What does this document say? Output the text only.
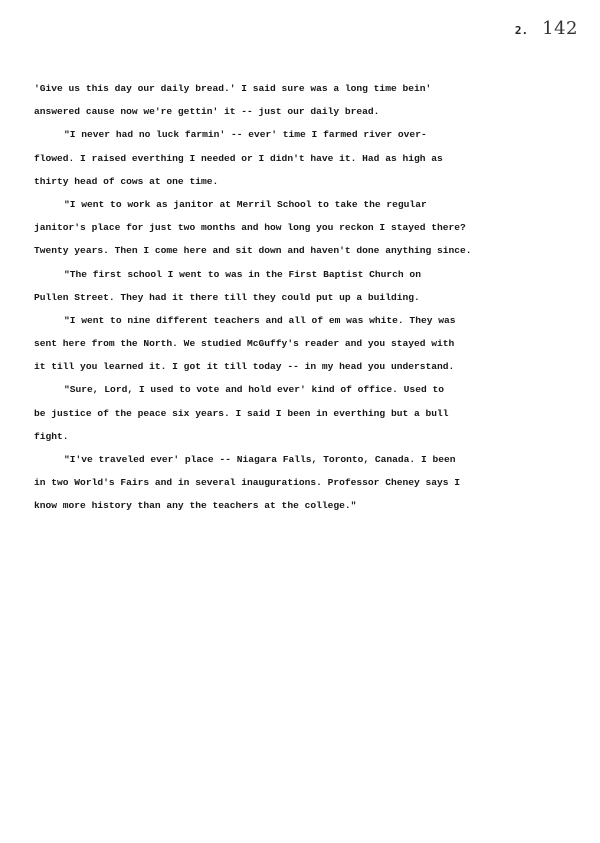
2. 142
'Give us this day our daily bread.' I said sure was a long time bein'
answered cause now we're gettin' it -- just our daily bread.
"I never had no luck farmin' -- ever' time I farmed river over-
flowed. I raised everthing I needed or I didn't have it. Had as high as
thirty head of cows at one time.
"I went to work as janitor at Merril School to take the regular
janitor's place for just two months and how long you reckon I stayed there?
Twenty years. Then I come here and sit down and haven't done anything since.
"The first school I went to was in the First Baptist Church on
Pullen Street. They had it there till they could put up a building.
"I went to nine different teachers and all of em was white. They was
sent here from the North. We studied McGuffy's reader and you stayed with
it till you learned it. I got it till today -- in my head you understand.
"Sure, Lord, I used to vote and hold ever' kind of office. Used to
be justice of the peace six years. I said I been in everthing but a bull
fight.
"I've traveled ever' place -- Niagara Falls, Toronto, Canada. I been
in two World's Fairs and in several inaugurations. Professor Cheney says I
know more history than any the teachers at the college."
